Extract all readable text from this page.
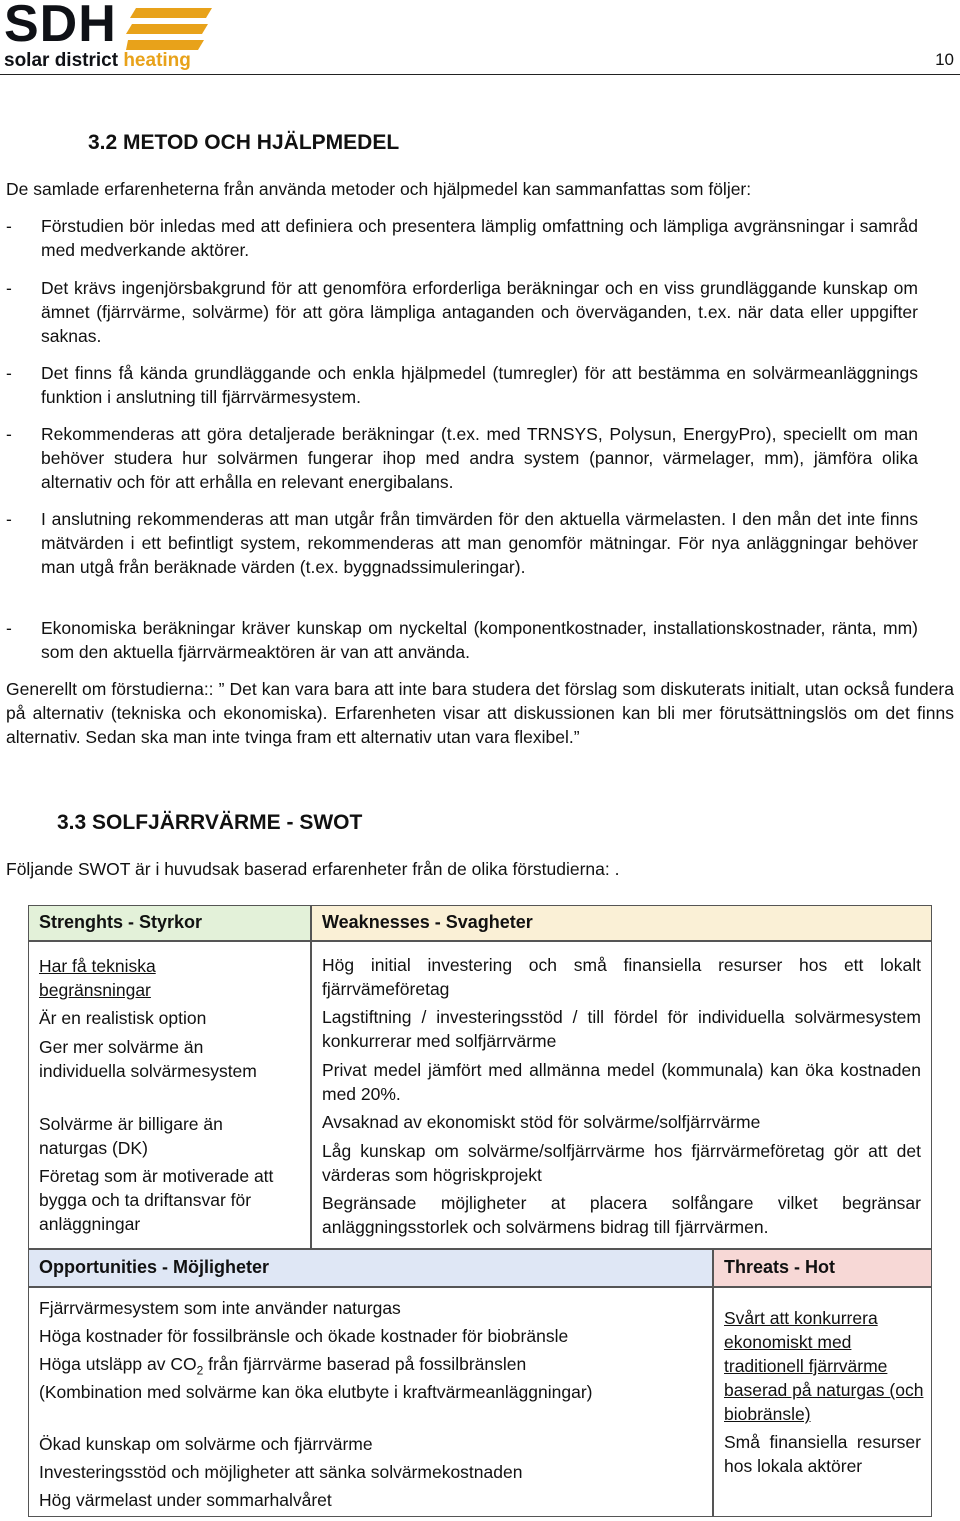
SDH
solar district heating	10
3.2 METOD OCH HJÄLPMEDEL
De samlade erfarenheterna från använda metoder och hjälpmedel kan sammanfattas som följer:
- Förstudien bör inledas med att definiera och presentera lämplig omfattning och lämpliga avgränsningar i samråd med medverkande aktörer.
- Det krävs ingenjörsbakgrund för att genomföra erforderliga beräkningar och en viss grundläggande kunskap om ämnet (fjärrvärme, solvärme) för att göra lämpliga antaganden och överväganden, t.ex. när data eller uppgifter saknas.
- Det finns få kända grundläggande och enkla hjälpmedel (tumregler) för att bestämma en solvärmeanläggnings funktion i anslutning till fjärrvärmesystem.
- Rekommenderas att göra detaljerade beräkningar (t.ex. med TRNSYS, Polysun, EnergyPro), speciellt om man behöver studera hur solvärmen fungerar ihop med andra system (pannor, värmelager, mm), jämföra olika alternativ och för att erhålla en relevant energibalans.
- I anslutning rekommenderas att man utgår från timvärden för den aktuella värmelasten. I den mån det inte finns mätvärden i ett befintligt system, rekommenderas att man genomför mätningar. För nya anläggningar behöver man utgå från beräknade värden (t.ex. byggnadssimuleringar).
- Ekonomiska beräkningar kräver kunskap om nyckeltal (komponentkostnader, installationskostnader, ränta, mm) som den aktuella fjärrvärmeaktören är van att använda.
Generellt om förstudierna:: ” Det kan vara bara att inte bara studera det förslag som diskuterats initialt, utan också fundera på alternativ (tekniska och ekonomiska). Erfarenheten visar att diskussionen kan bli mer förutsättningslös om det finns alternativ. Sedan ska man inte tvinga fram ett alternativ utan vara flexibel.”
3.3 SOLFJÄRRVÄRME - SWOT
Följande SWOT är i huvudsak baserad erfarenheter från de olika förstudierna: .
Strenghts - Styrkor
Har få tekniska begränsningar
Är en realistisk option
Ger mer solvärme än individuella solvärmesystem
Solvärme är billigare än naturgas (DK)
Företag som är motiverade att bygga och ta driftansvar för anläggningar
Weaknesses - Svagheter
Hög initial investering och små finansiella resurser hos ett lokalt fjärrvämeföretag
Lagstiftning / investeringsstöd / till fördel för individuella solvärmesystem konkurrerar med solfjärrvärme
Privat medel jämfört med allmänna medel (kommunala) kan öka kostnaden med 20%.
Avsaknad av ekonomiskt stöd för solvärme/solfjärrvärme
Låg kunskap om solvärme/solfjärrvärme hos fjärrvärmeföretag gör att det värderas som högriskprojekt
Begränsade möjligheter at placera solfångare vilket begränsar anläggningsstorlek och solvärmens bidrag till fjärrvärmen.
Opportunities - Möjligheter
Fjärrvärmesystem som inte använder naturgas
Höga kostnader för fossilbränsle och ökade kostnader för biobränsle
Höga utsläpp av $CO_2$ från fjärrvärme baserad på fossilbränslen
(Kombination med solvärme kan öka elutbyte i kraftvärmeanläggningar)
Ökad kunskap om solvärme och fjärrvärme
Investeringsstöd och möjligheter att sänka solvärmekostnaden
Hög värmelast under sommarhalvåret
Threats - Hot
Svårt att konkurrera ekonomiskt med traditionell fjärrvärme baserad på naturgas (och biobränsle)
Små finansiella resurser hos lokala aktörer
